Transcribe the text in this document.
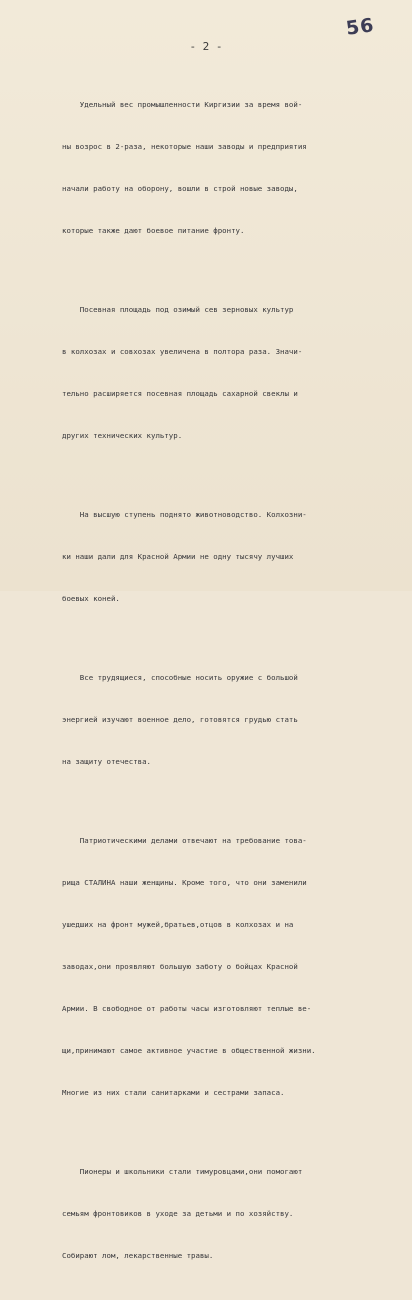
56
- 2 -

Удельный вес промышленности Киргизии за время вой-

ны возрос в 2-раза, некоторые наши заводы и предприятия

начали работу на оборону, вошли в строй новые заводы,

которые также дают боевое питание фронту.

Посевная площадь под озимый сев зерновых культур

в колхозах и совхозах увеличена в полтора раза. Значи-

тельно расширяется посевная площадь сахарной свеклы и

других технических культур.

На высшую ступень поднято животноводство. Колхозни-

ки наши дали для Красной Армии не одну тысячу лучших

боевых коней.

Все трудящиеся, способные носить оружие с большой

энергией изучают военное дело, готовятся грудью стать

на защиту отечества.

Патриотическими делами отвечают на требование това-

рища СТАЛИНА наши женщины. Кроме того, что они заменили

ушедших на фронт мужей,братьев,отцов в колхозах и на

заводах,они проявляют большую заботу о бойцах Красной

Армии. В свободное от работы часы изготовляют теплые ве-

щи,принимают самое активное участие в общественной жизни.

Многие из них стали санитарками и сестрами запаса.

Пионеры и школьники стали тимуровцами,они помогают

семьям фронтовиков в уходе за детьми и по хозяйству.

Собирают лом, лекарственные травы.
